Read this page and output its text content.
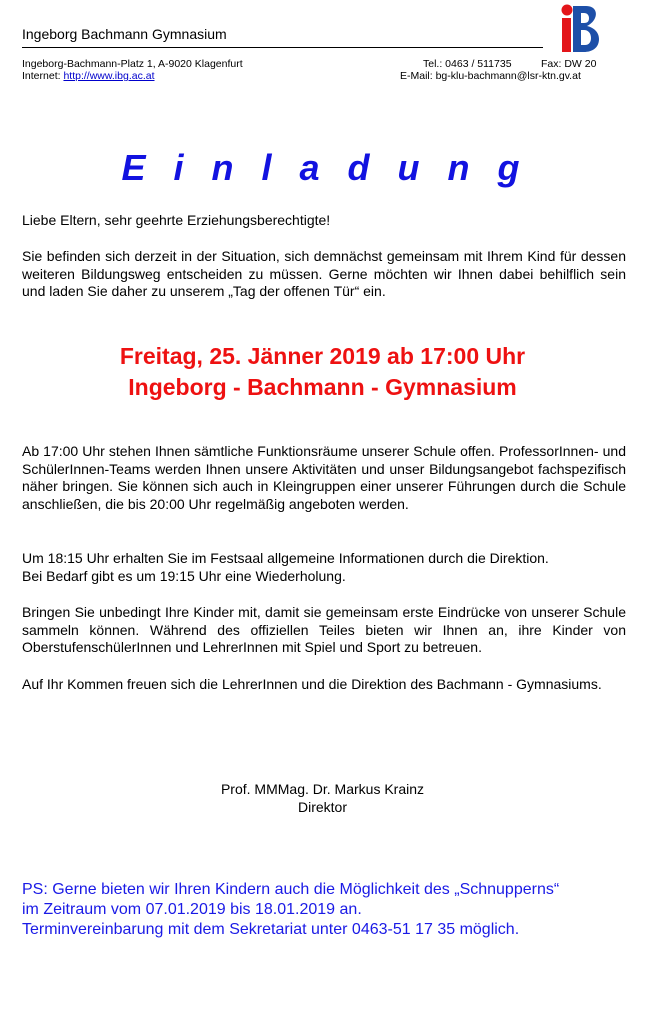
Ingeborg Bachmann Gymnasium
Ingeborg-Bachmann-Platz 1, A-9020 Klagenfurt
Internet: http://www.ibg.ac.at
Tel.: 0463 / 511735	Fax: DW 20
E-Mail: bg-klu-bachmann@lsr-ktn.gv.at
E i n l a d u n g
Liebe Eltern, sehr geehrte Erziehungsberechtigte!
Sie befinden sich derzeit in der Situation, sich demnächst gemeinsam mit Ihrem Kind für dessen weiteren Bildungsweg entscheiden zu müssen. Gerne möchten wir Ihnen dabei behilflich sein und laden Sie daher zu unserem „Tag der offenen Tür“ ein.
Freitag, 25. Jänner 2019 ab 17:00 Uhr
Ingeborg - Bachmann - Gymnasium
Ab 17:00 Uhr stehen Ihnen sämtliche Funktionsräume unserer Schule offen. ProfessorInnen- und SchülerInnen-Teams werden Ihnen unsere Aktivitäten und unser Bildungsangebot fachspezifisch näher bringen. Sie können sich auch in Kleingruppen einer unserer Führungen durch die Schule anschließen, die bis 20:00 Uhr regelmäßig angeboten werden.
Um 18:15 Uhr erhalten Sie im Festsaal allgemeine Informationen durch die Direktion.
Bei Bedarf gibt es um 19:15 Uhr eine Wiederholung.
Bringen Sie unbedingt Ihre Kinder mit, damit sie gemeinsam erste Eindrücke von unserer Schule sammeln können. Während des offiziellen Teiles bieten wir Ihnen an, ihre Kinder von OberstufenschülerInnen und LehrerInnen mit Spiel und Sport zu betreuen.
Auf Ihr Kommen freuen sich die LehrerInnen und die Direktion des Bachmann - Gymnasiums.
Prof. MMMag. Dr. Markus Krainz
Direktor
PS: Gerne bieten wir Ihren Kindern auch die Möglichkeit des „Schnupperns“
im Zeitraum vom 07.01.2019 bis 18.01.2019 an.
Terminvereinbarung mit dem Sekretariat unter 0463-51 17 35 möglich.
